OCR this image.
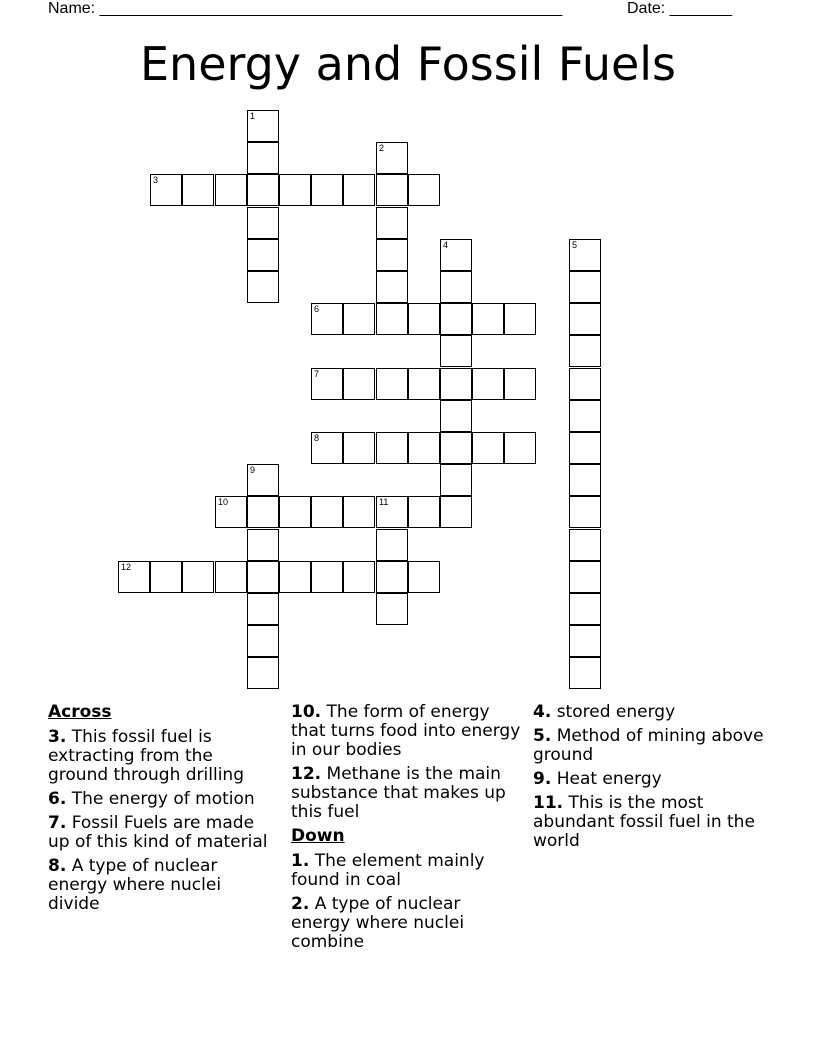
Name: ____________________________________________________	Date: _______
Energy and Fossil Fuels
1
2
3
4	5
6
7
8
9
10	11
12
Across
3. This fossil fuel is extracting from the ground through drilling
6. The energy of motion
7. Fossil Fuels are made up of this kind of material
8. A type of nuclear energy where nuclei divide
10. The form of energy that turns food into energy in our bodies
12. Methane is the main substance that makes up this fuel
Down
1. The element mainly found in coal
2. A type of nuclear energy where nuclei combine
4. stored energy
5. Method of mining above ground
9. Heat energy
11. This is the most abundant fossil fuel in the world
